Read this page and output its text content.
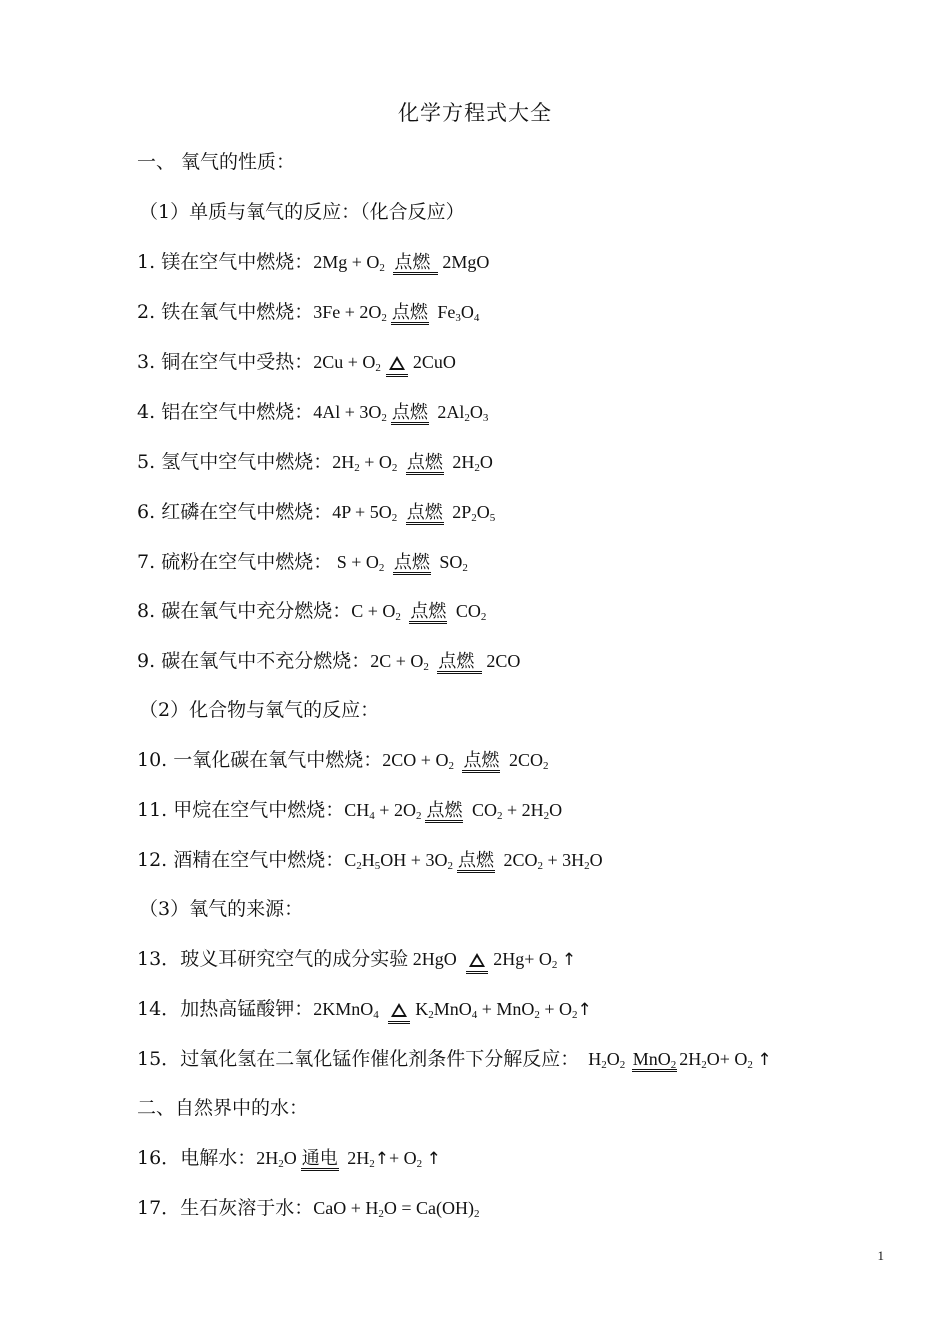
化学方程式大全
一、 氧气的性质：
（1）单质与氧气的反应：（化合反应）
1. 镁在空气中燃烧：$2Mg + O_2$ 点燃 2MgO
2. 铁在氧气中燃烧：$3Fe + 2O_2$ 点燃 $Fe_3O_4$
3. 铜在空气中受热：$2Cu + O_2$ 2CuO
4. 铝在空气中燃烧：$4Al + 3O_2$ 点燃 $2Al_2O_3$
5. 氢气中空气中燃烧：$2H_2 + O_2$ 点燃 $2H_2O$
6. 红磷在空气中燃烧：$4P + 5O_2$ 点燃 $2P_2O_5$
7. 硫粉在空气中燃烧： $S + O_2$ 点燃 $SO_2$
8. 碳在氧气中充分燃烧：$C + O_2$ 点燃 $CO_2$
9. 碳在氧气中不充分燃烧：$2C + O_2$ 点燃 2CO
（2）化合物与氧气的反应：
10. 一氧化碳在氧气中燃烧：$2CO + O_2$ 点燃 $2CO_2$
11. 甲烷在空气中燃烧：$CH_4 + 2O_2$ 点燃 $CO_2 + 2H_2O$
12. 酒精在空气中燃烧：$C_2H_5OH + 3O_2$ 点燃 $2CO_2 + 3H_2O$
（3）氧气的来源：
13．玻义耳研究空气的成分实验 2HgO $2Hg+ O_2$ ↑
14．加热高锰酸钾：2KMnO$_4$ $K_2MnO_4 + MnO_2$ + $O_2↑$
15．过氧化氢在二氧化锰作催化剂条件下分解反应：  $H_2O_2$ MnO$_2$ $2H_2O+ O_2$ ↑
二、自然界中的水：
16．电解水：$2H_2O$ 通电 $2H_2↑+ O_2$ ↑
17．生石灰溶于水：CaO + $H_2O = Ca(OH)_2$
1
